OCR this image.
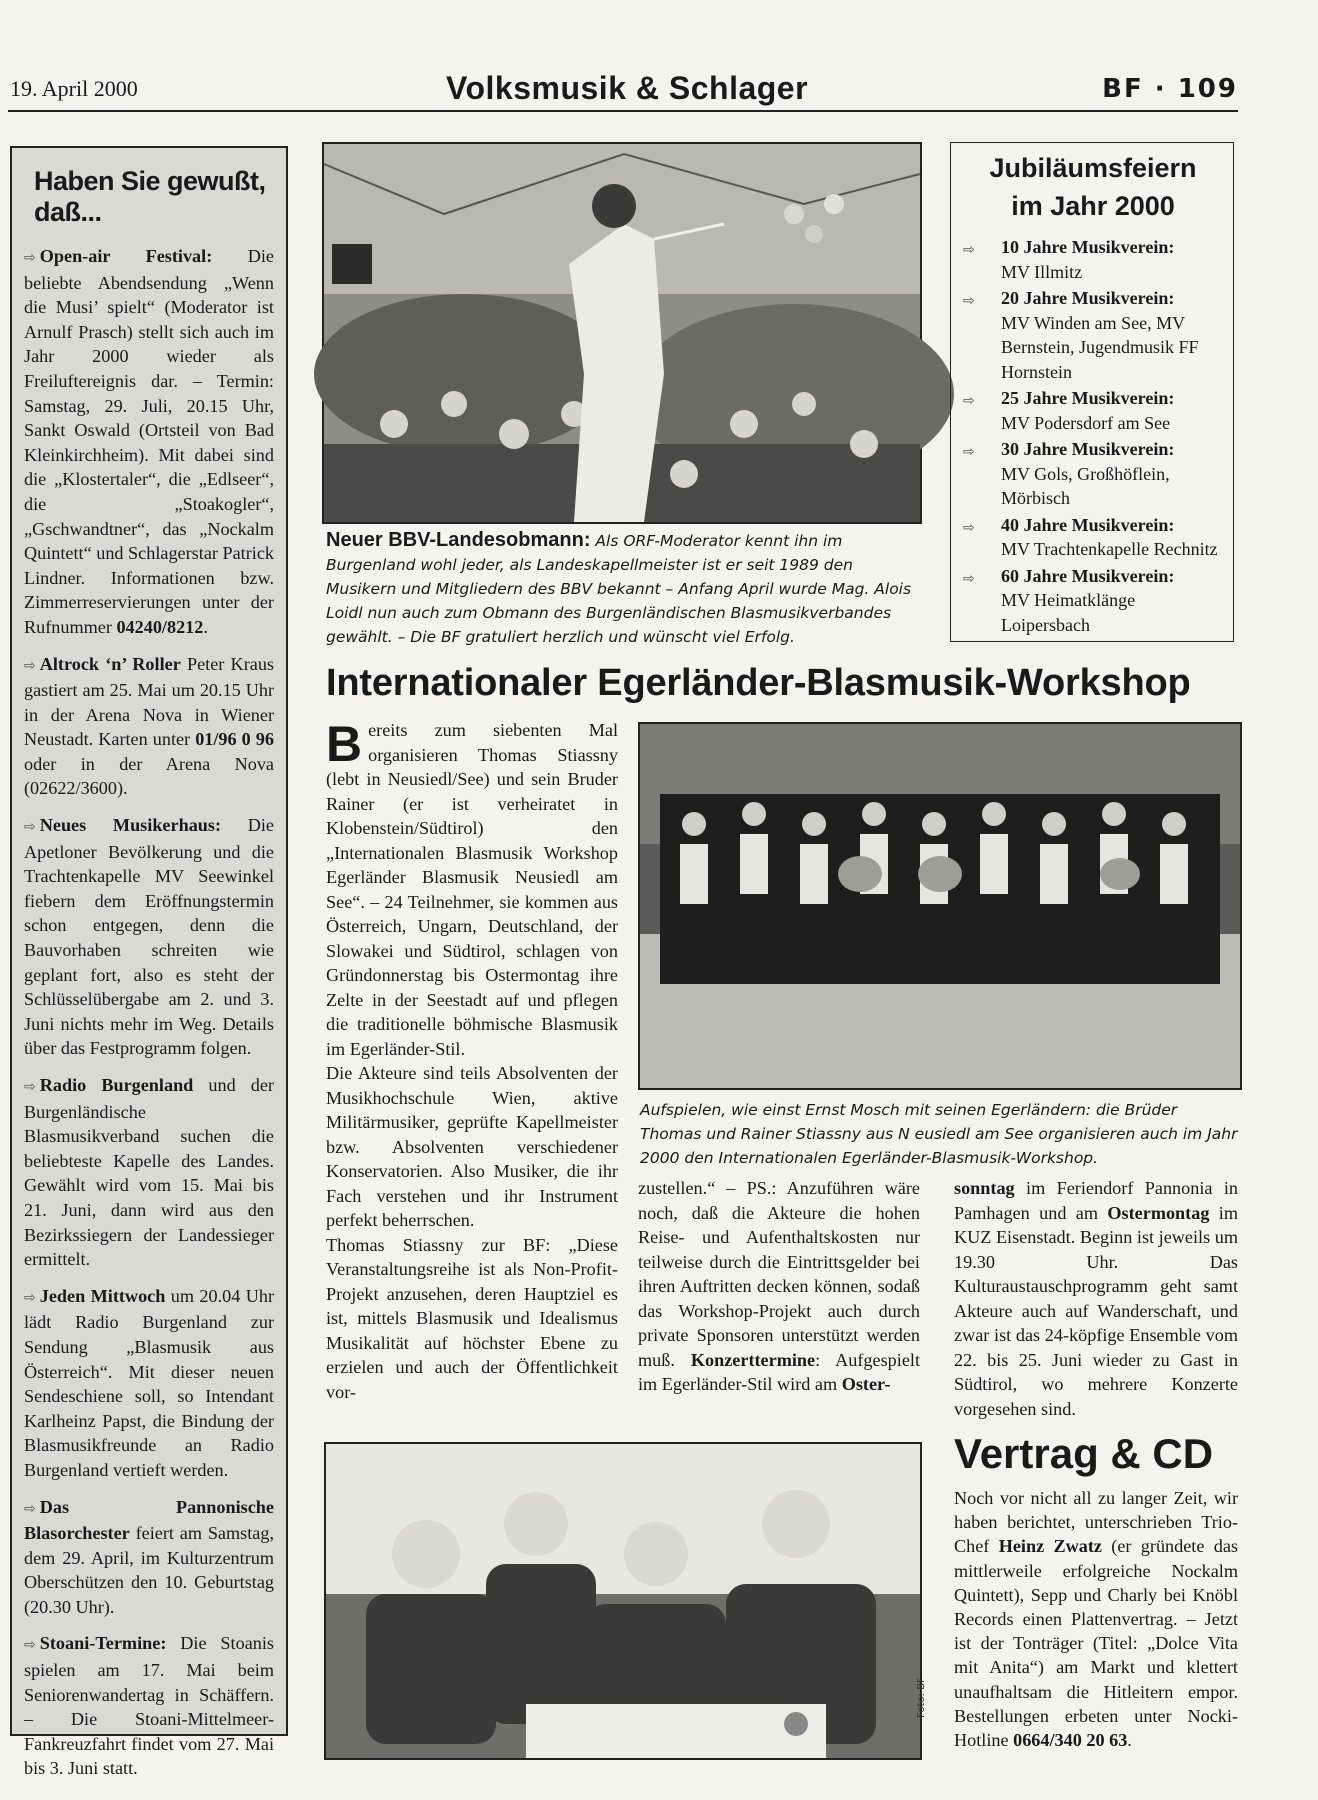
19. April 2000	Volksmusik & Schlager	BF · 109
Haben Sie gewußt, daß...
⇨ Open-air Festival: Die beliebte Abendsendung „Wenn die Musi’ spielt“ (Moderator ist Arnulf Prasch) stellt sich auch im Jahr 2000 wieder als Freiluftereignis dar. – Termin: Samstag, 29. Juli, 20.15 Uhr, Sankt Oswald (Ortsteil von Bad Kleinkirchheim). Mit dabei sind die „Klostertaler“, die „Edlseer“, die „Stoakogler“, „Gschwandtner“, das „Nockalm Quintett“ und Schlagerstar Patrick Lindner. Informationen bzw. Zimmerreservierungen unter der Rufnummer 04240/8212.
⇨ Altrock ‘n’ Roller Peter Kraus gastiert am 25. Mai um 20.15 Uhr in der Arena Nova in Wiener Neustadt. Karten unter 01/96 0 96 oder in der Arena Nova (02622/3600).
⇨ Neues Musikerhaus: Die Apetloner Bevölkerung und die Trachtenkapelle MV Seewinkel fiebern dem Eröffnungstermin schon entgegen, denn die Bauvorhaben schreiten wie geplant fort, also es steht der Schlüsselübergabe am 2. und 3. Juni nichts mehr im Weg. Details über das Festprogramm folgen.
⇨ Radio Burgenland und der Burgenländische Blasmusikverband suchen die beliebteste Kapelle des Landes. Gewählt wird vom 15. Mai bis 21. Juni, dann wird aus den Bezirkssiegern der Landessieger ermittelt.
⇨ Jeden Mittwoch um 20.04 Uhr lädt Radio Burgenland zur Sendung „Blasmusik aus Österreich“. Mit dieser neuen Sendeschiene soll, so Intendant Karlheinz Papst, die Bindung der Blasmusikfreunde an Radio Burgenland vertieft werden.
⇨ Das Pannonische Blasorchester feiert am Samstag, dem 29. April, im Kulturzentrum Oberschützen den 10. Geburtstag (20.30 Uhr).
⇨ Stoani-Termine: Die Stoanis spielen am 17. Mai beim Seniorenwandertag in Schäffern. – Die Stoani-Mittelmeer-Fankreuzfahrt findet vom 27. Mai bis 3. Juni statt.
Neuer BBV-Landesobmann: Als ORF-Moderator kennt ihn im Burgenland wohl jeder, als Landeskapellmeister ist er seit 1989 den Musikern und Mitgliedern des BBV bekannt – Anfang April wurde Mag. Alois Loidl nun auch zum Obmann des Burgenländischen Blasmusikverbandes gewählt. – Die BF gratuliert herzlich und wünscht viel Erfolg.
Jubiläumsfeiern
im Jahr 2000
⇨	10 Jahre Musikverein:
MV Illmitz
⇨	20 Jahre Musikverein:
MV Winden am See, MV Bernstein, Jugendmusik FF Hornstein
⇨	25 Jahre Musikverein:
MV Podersdorf am See
⇨	30 Jahre Musikverein:
MV Gols, Großhöflein, Mörbisch
⇨	40 Jahre Musikverein:
MV Trachtenkapelle Rechnitz
⇨	60 Jahre Musikverein:
MV Heimatklänge Loipersbach
Internationaler Egerländer-Blasmusik-Workshop
Bereits zum siebenten Mal organisieren Thomas Stiassny (lebt in Neusiedl/See) und sein Bruder Rainer (er ist verheiratet in Klobenstein/Südtirol) den „Internationalen Blasmusik Workshop Egerländer Blasmusik Neusiedl am See“. – 24 Teilnehmer, sie kommen aus Österreich, Ungarn, Deutschland, der Slowakei und Südtirol, schlagen von Gründonnerstag bis Ostermontag ihre Zelte in der Seestadt auf und pflegen die traditionelle böhmische Blasmusik im Egerländer-Stil.
Die Akteure sind teils Absolventen der Musikhochschule Wien, aktive Militärmusiker, geprüfte Kapellmeister bzw. Absolventen verschiedener Konservatorien. Also Musiker, die ihr Fach verstehen und ihr Instrument perfekt beherrschen.
Thomas Stiassny zur BF: „Diese Veranstaltungsreihe ist als Non-Profit-Projekt anzusehen, deren Hauptziel es ist, mittels Blasmusik und Idealismus Musikalität auf höchster Ebene zu erzielen und auch der Öffentlichkeit vor-
Aufspielen, wie einst Ernst Mosch mit seinen Egerländern: die Brüder Thomas und Rainer Stiassny aus N eusiedl am See organisieren auch im Jahr 2000 den Internationalen Egerländer-Blasmusik-Workshop.
zustellen.“ – PS.: Anzuführen wäre noch, daß die Akteure die hohen Reise- und Aufenthaltskosten nur teilweise durch die Eintrittsgelder bei ihren Auftritten decken können, sodaß das Workshop-Projekt auch durch private Sponsoren unterstützt werden muß. Konzerttermine: Aufgespielt im Egerländer-Stil wird am Oster-
sonntag im Feriendorf Pannonia in Pamhagen und am Ostermontag im KUZ Eisenstadt. Beginn ist jeweils um 19.30 Uhr. Das Kulturaustauschprogramm geht samt Akteure auch auf Wanderschaft, und zwar ist das 24-köpfige Ensemble vom 22. bis 25. Juni wieder zu Gast in Südtirol, wo mehrere Konzerte vorgesehen sind.
Foto: BF
Vertrag & CD
Noch vor nicht all zu langer Zeit, wir haben berichtet, unterschrieben Trio-Chef Heinz Zwatz (er gründete das mittlerweile erfolgreiche Nockalm Quintett), Sepp und Charly bei Knöbl Records einen Plattenvertrag. – Jetzt ist der Tonträger (Titel: „Dolce Vita mit Anita“) am Markt und klettert unaufhaltsam die Hitleitern empor. Bestellungen erbeten unter Nocki-Hotline 0664/340 20 63.
